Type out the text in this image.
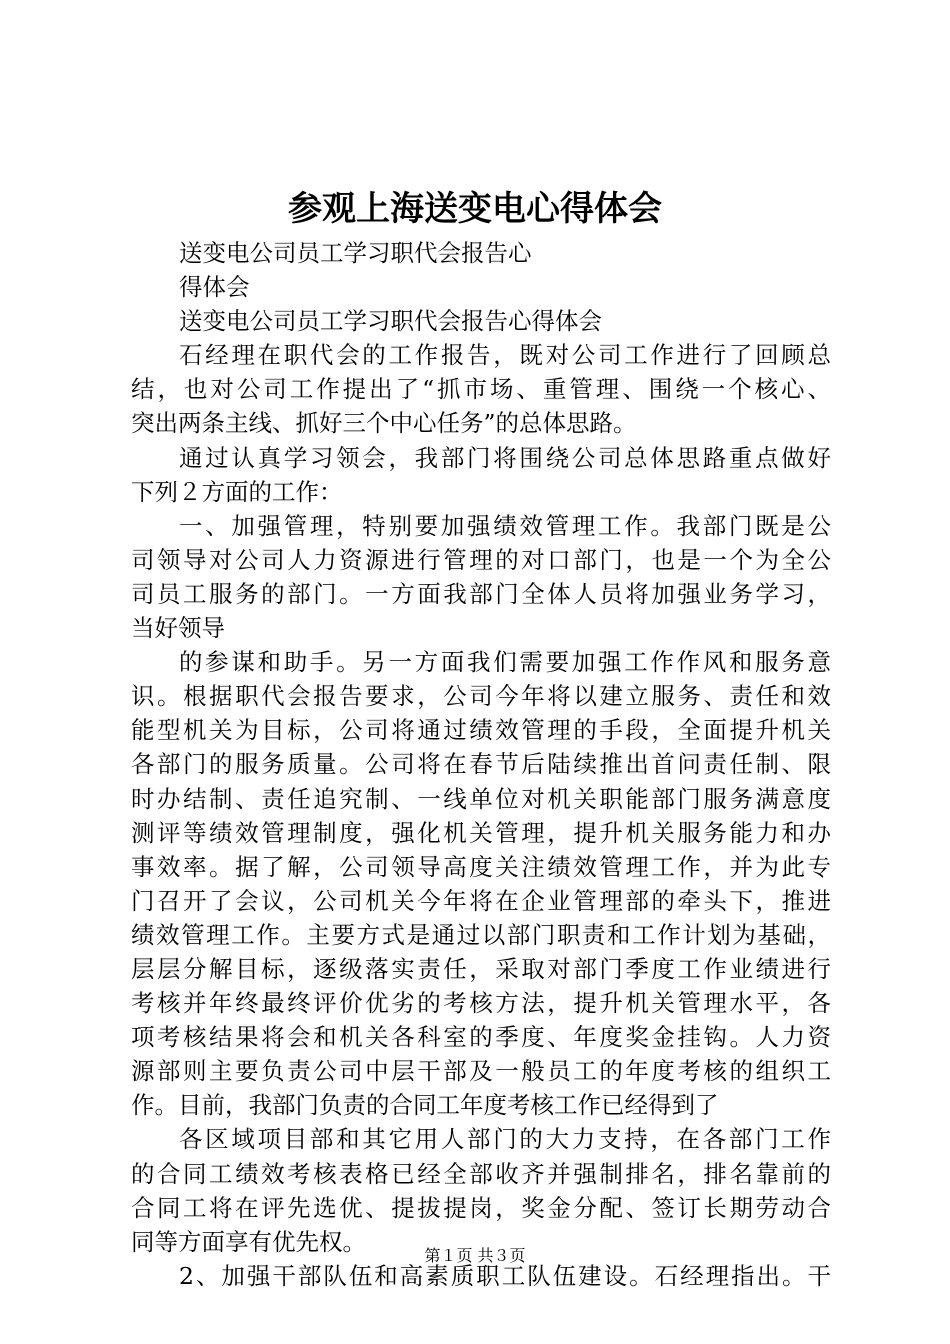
参观上海送变电心得体会
送变电公司员工学习职代会报告心
得体会
送变电公司员工学习职代会报告心得体会
石经理在职代会的工作报告，既对公司工作进行了回顾总
结，也对公司工作提出了“抓市场、重管理、围绕一个核心、
突出两条主线、抓好三个中心任务”的总体思路。
通过认真学习领会，我部门将围绕公司总体思路重点做好
下列２方面的工作：
一、加强管理，特别要加强绩效管理工作。我部门既是公
司领导对公司人力资源进行管理的对口部门，也是一个为全公
司员工服务的部门。一方面我部门全体人员将加强业务学习，
当好领导
的参谋和助手。另一方面我们需要加强工作作风和服务意
识。根据职代会报告要求，公司今年将以建立服务、责任和效
能型机关为目标，公司将通过绩效管理的手段，全面提升机关
各部门的服务质量。公司将在春节后陆续推出首问责任制、限
时办结制、责任追究制、一线单位对机关职能部门服务满意度
测评等绩效管理制度，强化机关管理，提升机关服务能力和办
事效率。据了解，公司领导高度关注绩效管理工作，并为此专
门召开了会议，公司机关今年将在企业管理部的牵头下，推进
绩效管理工作。主要方式是通过以部门职责和工作计划为基础，
层层分解目标，逐级落实责任，采取对部门季度工作业绩进行
考核并年终最终评价优劣的考核方法，提升机关管理水平，各
项考核结果将会和机关各科室的季度、年度奖金挂钩。人力资
源部则主要负责公司中层干部及一般员工的年度考核的组织工
作。目前，我部门负责的合同工年度考核工作已经得到了
各区域项目部和其它用人部门的大力支持，在各部门工作
的合同工绩效考核表格已经全部收齐并强制排名，排名靠前的
合同工将在评先选优、提拔提岗，奖金分配、签订长期劳动合
同等方面享有优先权。
2、加强干部队伍和高素质职工队伍建设。石经理指出。干
第１页 共３页
